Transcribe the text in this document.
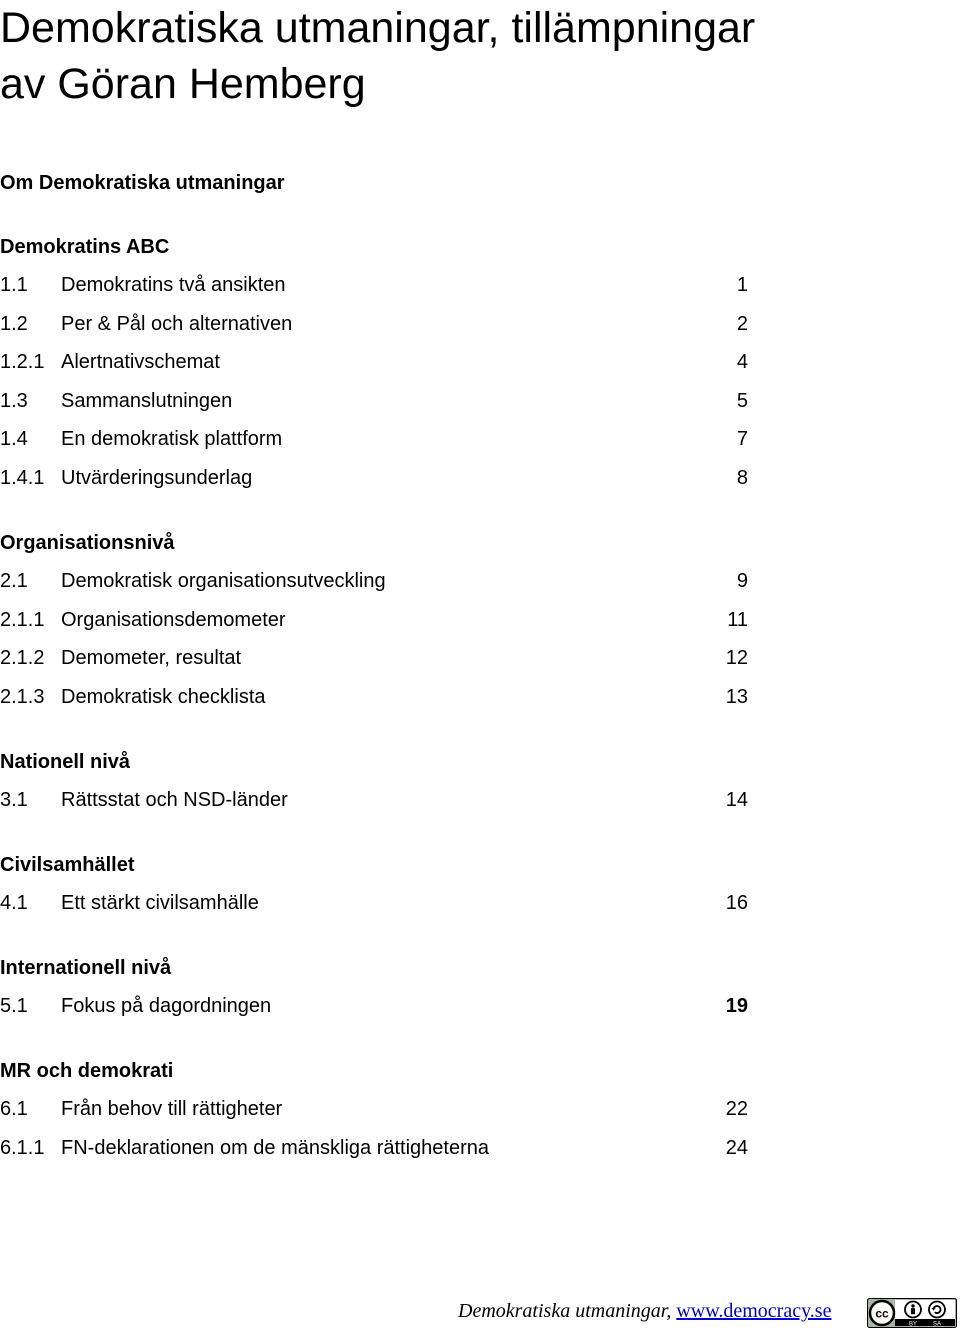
Demokratiska utmaningar, tillämpningar
av Göran Hemberg
Om Demokratiska utmaningar
Demokratins ABC
1.1 Demokratins två ansikten	1
1.2 Per & Pål och alternativen	2
1.2.1 Alertnativschemat	4
1.3 Sammanslutningen	5
1.4 En demokratisk plattform	7
1.4.1 Utvärderingsunderlag	8
Organisationsnivå
2.1 Demokratisk organisationsutveckling	9
2.1.1 Organisationsdemometer	11
2.1.2 Demometer, resultat	12
2.1.3 Demokratisk checklista	13
Nationell nivå
3.1 Rättsstat och NSD-länder	14
Civilsamhället
4.1 Ett stärkt civilsamhälle	16
Internationell nivå
5.1 Fokus på dagordningen	19
MR och demokrati
6.1 Från behov till rättigheter	22
6.1.1 FN-deklarationen om de mänskliga rättigheterna	24
Demokratiska utmaningar, www.democracy.se	cc
BY	SA
